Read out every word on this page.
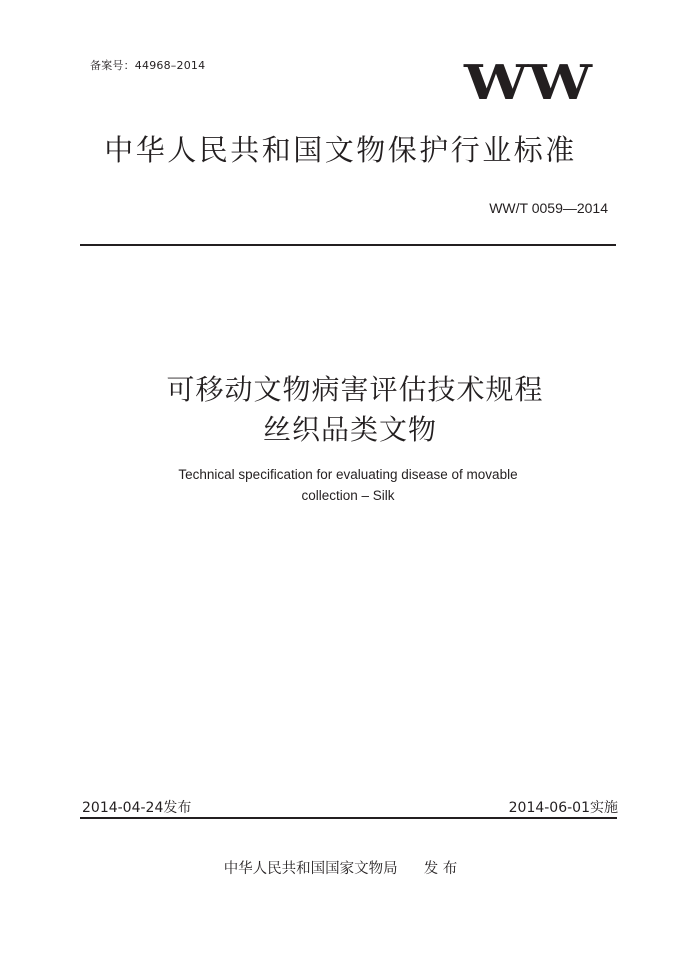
备案号：44968–2014	WW
中华人民共和国文物保护行业标准
WW/T 0059—2014
可移动文物病害评估技术规程
丝织品类文物
Technical specification for evaluating disease of movable
collection – Silk
2014-04-24发布	2014-06-01实施
中华人民共和国国家文物局 发 布
